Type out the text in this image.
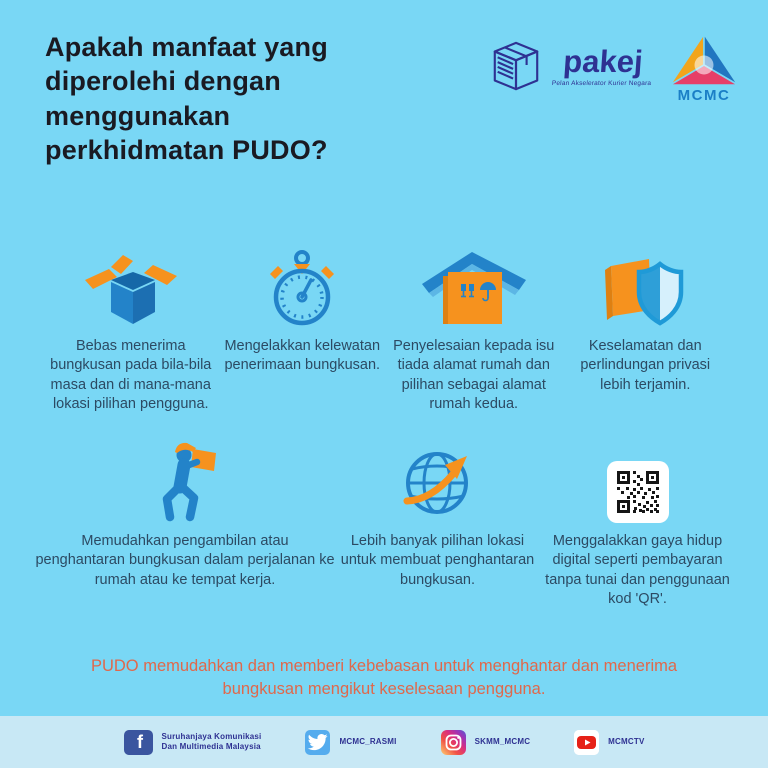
Apakah manfaat yang
diperolehi dengan
menggunakan
perkhidmatan PUDO?
pakej
Pelan Akselerator Kurier Negara
MCMC

Bebas menerima bungkusan pada bila-bila masa dan di mana-mana lokasi pilihan pengguna.

Mengelakkan kelewatan penerimaan bungkusan.

Penyelesaian kepada isu tiada alamat rumah dan pilihan sebagai alamat rumah kedua.

Keselamatan dan perlindungan privasi lebih terjamin.

Memudahkan pengambilan atau penghantaran bungkusan dalam perjalanan ke rumah atau ke tempat kerja.

Lebih banyak pilihan lokasi untuk membuat penghantaran bungkusan.

Menggalakkan gaya hidup digital seperti pembayaran tanpa tunai dan penggunaan kod 'QR'.

PUDO memudahkan dan memberi kebebasan untuk menghantar dan menerima bungkusan mengikut keselesaan pengguna.

f	Suruhanjaya Komunikasi
Dan Multimedia Malaysia
MCMC_RASMI	SKMM_MCMC	MCMCTV
